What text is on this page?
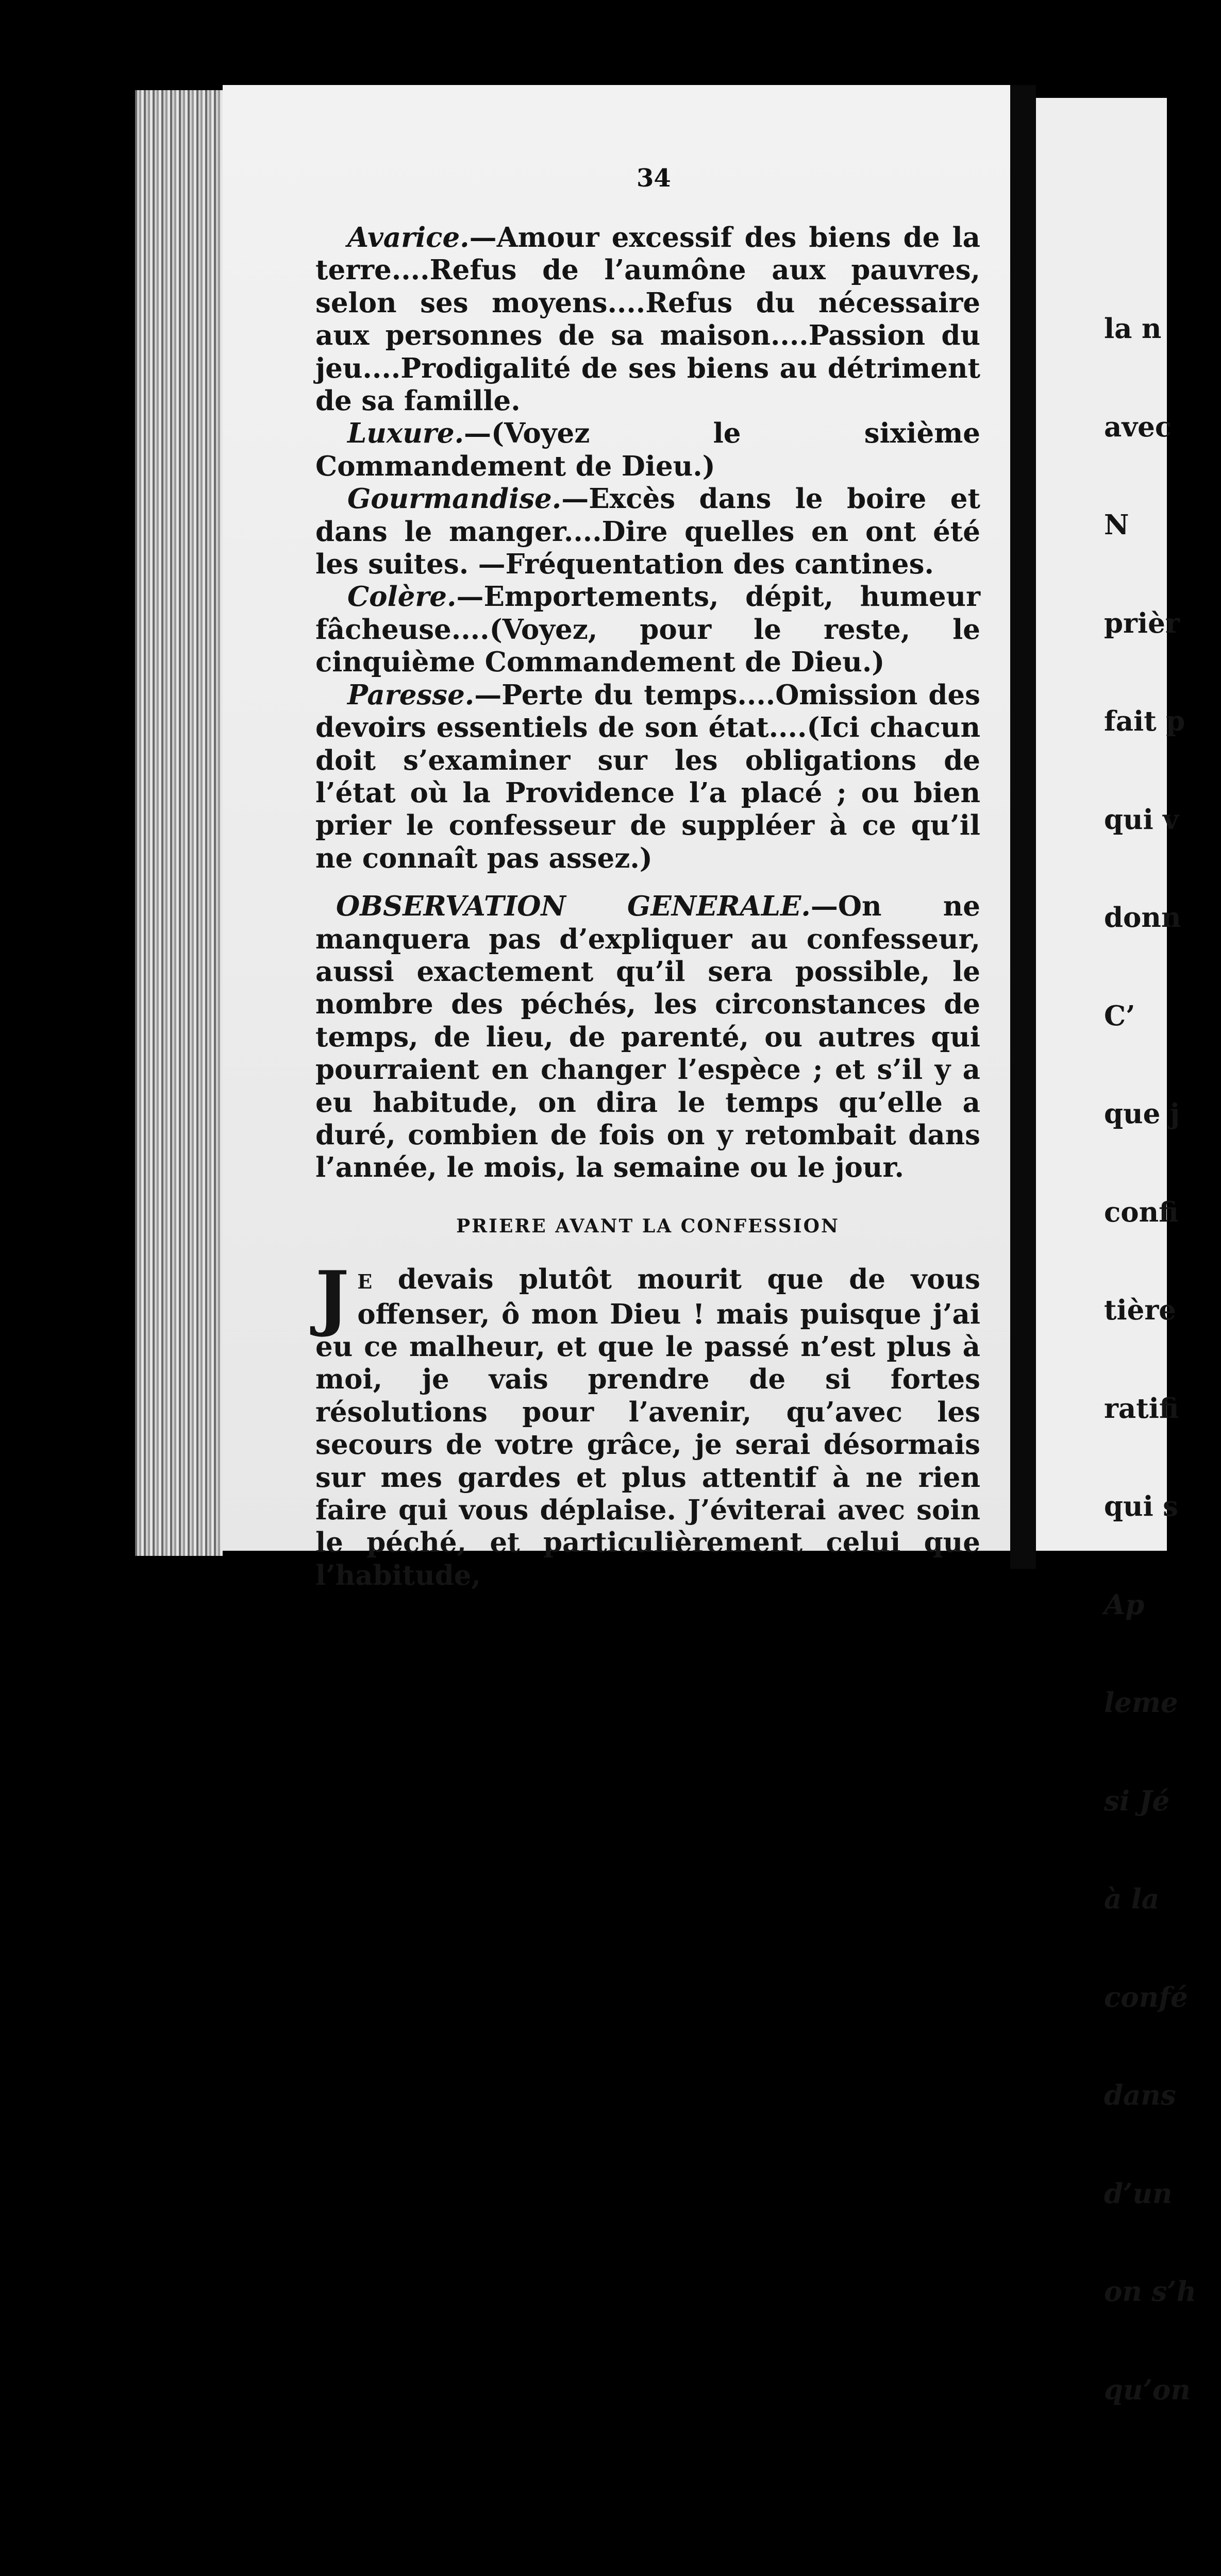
34

Avarice.—Amour excessif des biens de la terre....Refus de l’aumône aux pauvres, selon ses moyens....Refus du nécessaire aux personnes de sa maison....Passion du jeu....Prodigalité de ses biens au détriment de sa famille.

Luxure.—(Voyez le sixième Commandement de Dieu.)

Gourmandise.—Excès dans le boire et dans le manger....Dire quelles en ont été les suites. —Fréquentation des cantines.

Colère.—Emportements, dépit, humeur fâcheuse....(Voyez, pour le reste, le cinquième Commandement de Dieu.)

Paresse.—Perte du temps....Omission des devoirs essentiels de son état....(Ici chacun doit s’examiner sur les obligations de l’état où la Providence l’a placé ; ou bien prier le confesseur de suppléer à ce qu’il ne connaît pas assez.)

OBSERVATION GENERALE.—On ne manquera pas d’expliquer au confesseur, aussi exactement qu’il sera possible, le nombre des péchés, les circonstances de temps, de lieu, de parenté, ou autres qui pourraient en changer l’espèce ; et s’il y a eu habitude, on dira le temps qu’elle a duré, combien de fois on y retombait dans l’année, le mois, la semaine ou le jour.

PRIERE AVANT LA CONFESSION

J E devais plutôt mourit que de vous offenser, ô mon Dieu ! mais puisque j’ai eu ce malheur, et que le passé n’est plus à moi, je vais prendre de si fortes résolutions pour l’avenir, qu’avec les secours de votre grâce, je serai désormais sur mes gardes et plus attentif à ne rien faire qui vous déplaise. J’éviterai avec soin le péché, et particulièrement celui que l’habitude,

la n

avec

N

prièr

fait p

qui v

donn

C’

que j

confi

tière

ratifi

qui s

Ap

leme

si Jé

à la

confé

dans

d’un

on s’h

qu’on
